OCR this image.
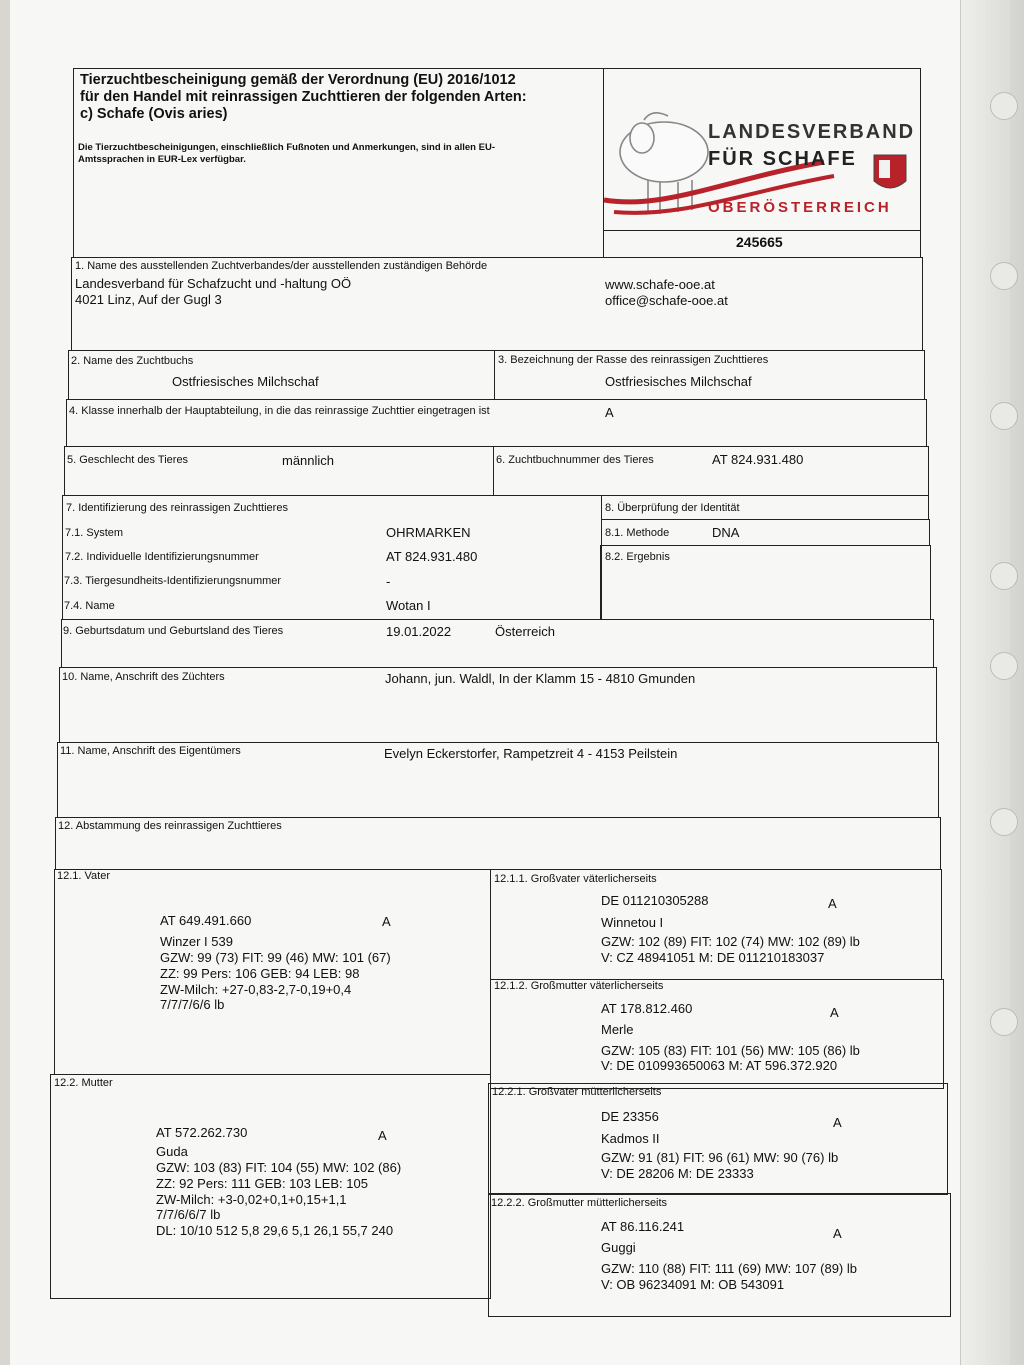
Tierzuchtbescheinigung gemäß der Verordnung (EU) 2016/1012
für den Handel mit reinrassigen Zuchttieren der folgenden Arten:
c) Schafe (Ovis aries)
Die Tierzuchtbescheinigungen, einschließlich Fußnoten und Anmerkungen, sind in allen EU-
Amtssprachen in EUR-Lex verfügbar.
245665
LANDESVERBAND
FÜR SCHAFE
OBERÖSTERREICH
1. Name des ausstellenden Zuchtverbandes/der ausstellenden zuständigen Behörde
Landesverband für Schafzucht und -haltung OÖ
4021 Linz, Auf der Gugl 3
www.schafe-ooe.at
office@schafe-ooe.at
2. Name des Zuchtbuchs
Ostfriesisches Milchschaf
3. Bezeichnung der Rasse des reinrassigen Zuchttieres
Ostfriesisches Milchschaf
4. Klasse innerhalb der Hauptabteilung, in die das reinrassige Zuchttier eingetragen ist	A
5. Geschlecht des Tieres	männlich	6. Zuchtbuchnummer des Tieres	AT 824.931.480
7. Identifizierung des reinrassigen Zuchttieres
7.1. System	OHRMARKEN
7.2. Individuelle Identifizierungsnummer	AT 824.931.480
7.3. Tiergesundheits-Identifizierungsnummer	-
7.4. Name	Wotan I
8. Überprüfung der Identität
8.1. Methode	DNA
8.2. Ergebnis
9. Geburtsdatum und Geburtsland des Tieres	19.01.2022	Österreich
10. Name, Anschrift des Züchters	Johann, jun. Waldl, In der Klamm 15 - 4810 Gmunden
11. Name, Anschrift des Eigentümers	Evelyn Eckerstorfer, Rampetzreit 4 - 4153 Peilstein
12. Abstammung des reinrassigen Zuchttieres
12.1. Vater
AT 649.491.660	A
Winzer I 539
GZW: 99 (73) FIT: 99 (46) MW: 101 (67)
ZZ: 99 Pers: 106 GEB: 94 LEB: 98
ZW-Milch: +27-0,83-2,7-0,19+0,4
7/7/7/6/6 lb
12.2. Mutter
AT 572.262.730	A
Guda
GZW: 103 (83) FIT: 104 (55) MW: 102 (86)
ZZ: 92 Pers: 111 GEB: 103 LEB: 105
ZW-Milch: +3-0,02+0,1+0,15+1,1
7/7/6/6/7 lb
DL: 10/10 512 5,8 29,6 5,1 26,1 55,7 240
12.1.1. Großvater väterlicherseits
DE 011210305288	A
Winnetou I
GZW: 102 (89) FIT: 102 (74) MW: 102 (89) lb
V: CZ 48941051 M: DE 011210183037
12.1.2. Großmutter väterlicherseits
AT 178.812.460	A
Merle
GZW: 105 (83) FIT: 101 (56) MW: 105 (86) lb
V: DE 010993650063 M: AT 596.372.920
12.2.1. Großvater mütterlicherseits
DE 23356	A
Kadmos II
GZW: 91 (81) FIT: 96 (61) MW: 90 (76) lb
V: DE 28206 M: DE 23333
12.2.2. Großmutter mütterlicherseits
AT 86.116.241	A
Guggi
GZW: 110 (88) FIT: 111 (69) MW: 107 (89) lb
V: OB 96234091 M: OB 543091
